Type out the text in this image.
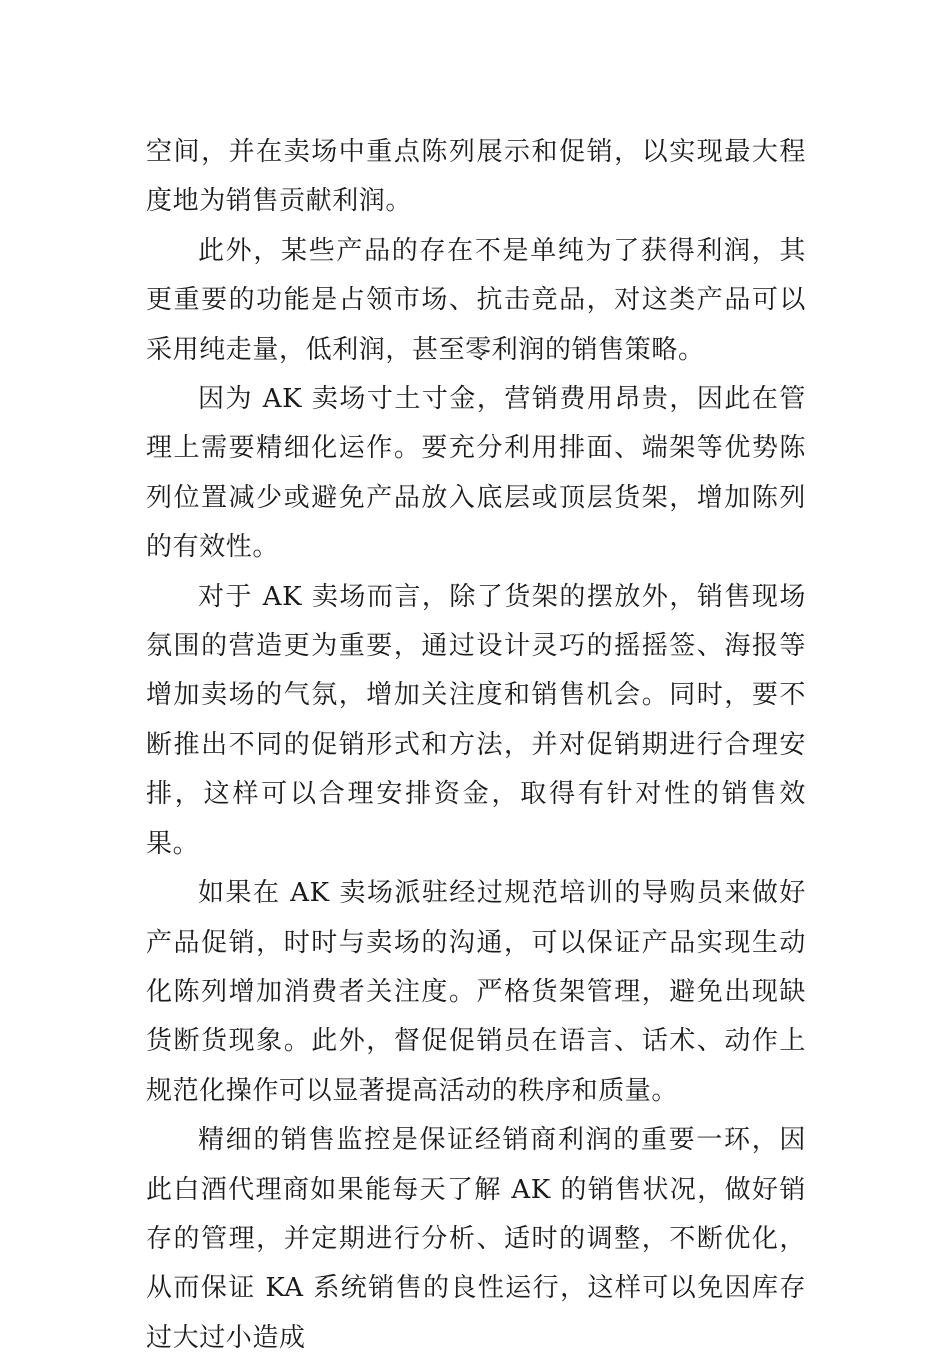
空间，并在卖场中重点陈列展示和促销，以实现最大程度地为销售贡献利润。

此外，某些产品的存在不是单纯为了获得利润，其更重要的功能是占领市场、抗击竞品，对这类产品可以采用纯走量，低利润，甚至零利润的销售策略。

因为 AK 卖场寸土寸金，营销费用昂贵，因此在管理上需要精细化运作。要充分利用排面、端架等优势陈列位置减少或避免产品放入底层或顶层货架，增加陈列的有效性。

对于 AK 卖场而言，除了货架的摆放外，销售现场氛围的营造更为重要，通过设计灵巧的摇摇签、海报等增加卖场的气氛，增加关注度和销售机会。同时，要不断推出不同的促销形式和方法，并对促销期进行合理安排，这样可以合理安排资金，取得有针对性的销售效果。

如果在 AK 卖场派驻经过规范培训的导购员来做好产品促销，时时与卖场的沟通，可以保证产品实现生动化陈列增加消费者关注度。严格货架管理，避免出现缺货断货现象。此外，督促促销员在语言、话术、动作上规范化操作可以显著提高活动的秩序和质量。

精细的销售监控是保证经销商利润的重要一环，因此白酒代理商如果能每天了解 AK 的销售状况，做好销存的管理，并定期进行分析、适时的调整，不断优化，从而保证 KA 系统销售的良性运行，这样可以免因库存过大过小造成
